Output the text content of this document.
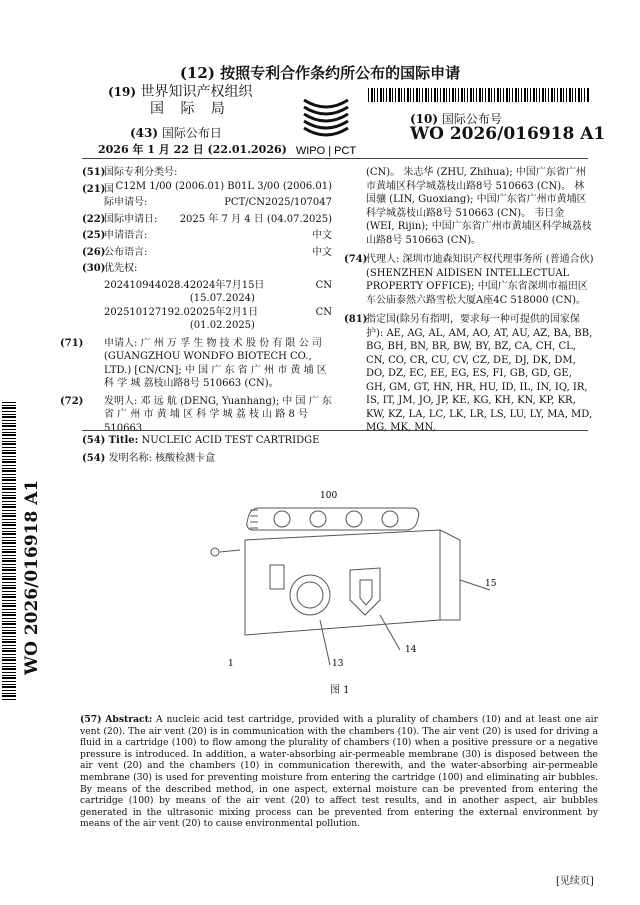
(12) 按照专利合作条约所公布的国际申请
(19) 世界知识产权组织
国 际 局
WIPO | PCT
(10) 国际公布号
WO 2026/016918 A1
(43) 国际公布日
2026 年 1 月 22 日 (22.01.2026)
(51)
国际专利分类号:
C12M 1/00 (2006.01) B01L 3/00 (2006.01)
(21)
国际申请号:	PCT/CN2025/107047
(22)
国际申请日: 2025 年 7 月 4 日 (04.07.2025)
(25)
申请语言:	中文
(26)
公布语言:	中文
(30)
优先权:
202410944028.4 2024年7月15日 (15.07.2024)
CN
202510127192.0 2025年2月1日 (01.02.2025)
CN
(71) 申请人: 广 州 万 孚 生 物 技 术 股 份 有 限 公 司 (GUANGZHOU WONDFO BIOTECH CO., LTD.) [CN/CN]; 中 国 广 东 省 广 州 市 黄 埔 区 科 学 城 荔枝山路8号 510663 (CN)。
(72) 发明人: 邓 远 航 (DENG, Yuanhang); 中 国 广 东 省 广 州 市 黄 埔 区 科 学 城 荔 枝 山 路 8 号 510663
(CN)。 朱志华 (ZHU, Zhihua); 中国广东省广州市黄埔区科学城荔枝山路8号 510663 (CN)。 林国骧 (LIN, Guoxiang); 中国广东省广州市黄埔区科学城荔枝山路8号 510663 (CN)。 韦日金 (WEI, Rijin); 中国广东省广州市黄埔区科学城荔枝山路8号 510663 (CN)。
(74)
代理人: 深圳市迪森知识产权代理事务所 (普通合伙) (SHENZHEN AIDISEN INTELLECTUAL PROPERTY OFFICE); 中国广东省深圳市福田区车公庙泰然六路雪松大厦A座4C 518000 (CN)。
(81)
指定国(除另有指明，要求每一种可提供的国家保护): AE, AG, AL, AM, AO, AT, AU, AZ, BA, BB, BG, BH, BN, BR, BW, BY, BZ, CA, CH, CL, CN, CO, CR, CU, CV, CZ, DE, DJ, DK, DM, DO, DZ, EC, EE, EG, ES, FI, GB, GD, GE, GH, GM, GT, HN, HR, HU, ID, IL, IN, IQ, IR, IS, IT, JM, JO, JP, KE, KG, KH, KN, KP, KR, KW, KZ, LA, LC, LK, LR, LS, LU, LY, MA, MD, MG, MK, MN,
(54) Title: NUCLEIC ACID TEST CARTRIDGE
(54) 发明名称: 核酸检测卡盒
100
15
14
13
1
图 1
(57) Abstract: A nucleic acid test cartridge, provided with a plurality of chambers (10) and at least one air vent (20). The air vent (20) is in communication with the chambers (10). The air vent (20) is used for driving a fluid in a cartridge (100) to flow among the plurality of chambers (10) when a positive pressure or a negative pressure is introduced. In addition, a water-absorbing air-permeable membrane (30) is disposed between the air vent (20) and the chambers (10) in communication therewith, and the water-absorbing air-permeable membrane (30) is used for preventing moisture from entering the cartridge (100) and eliminating air bubbles. By means of the described method, in one aspect, external moisture can be prevented from entering the cartridge (100) by means of the air vent (20) to affect test results, and in another aspect, air bubbles generated in the ultrasonic mixing process can be prevented from entering the external environment by means of the air vent (20) to cause environmental pollution.
WO 2026/016918 A1
[见续页]
